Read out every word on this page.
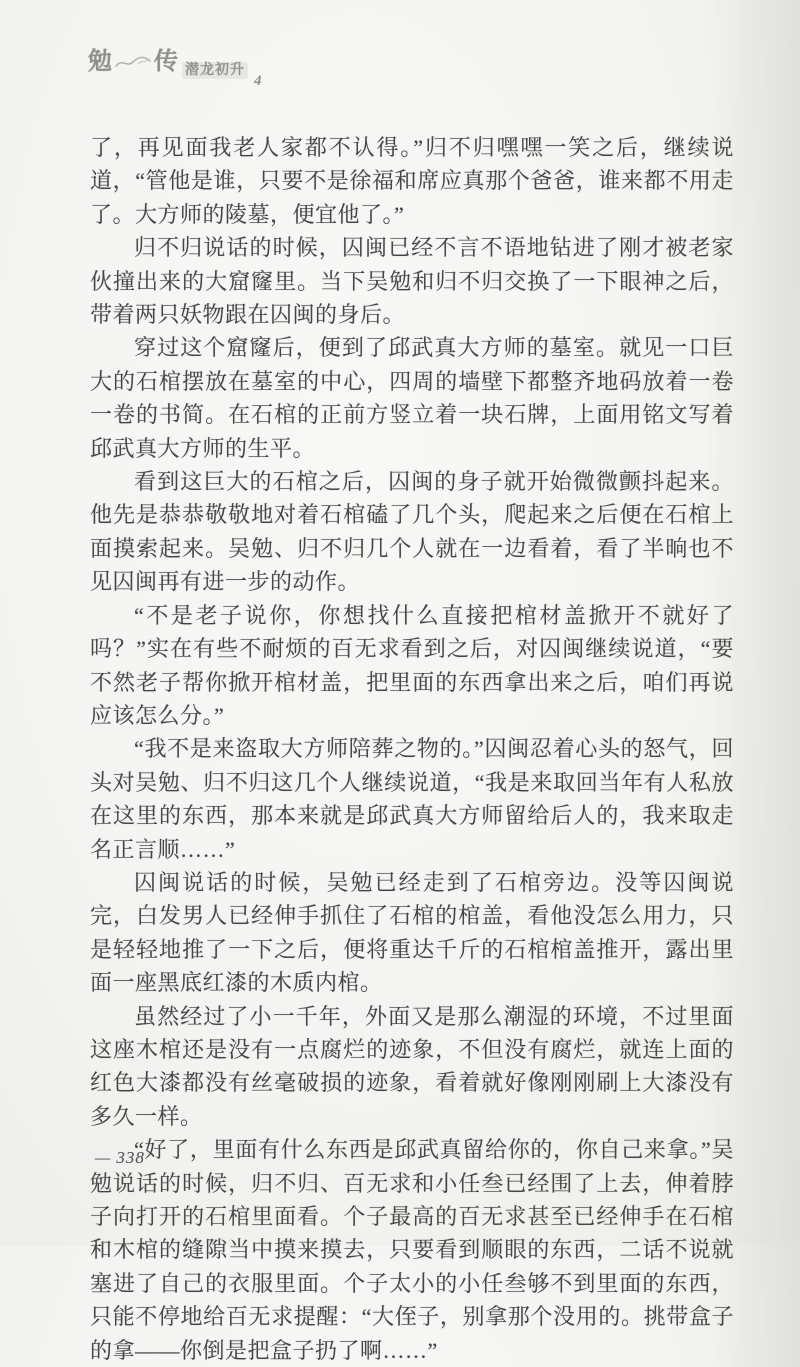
勉 传 潜龙初升
4

了，再见面我老人家都不认得。”归不归嘿嘿一笑之后，继续说道，“管他是谁，只要不是徐福和席应真那个爸爸，谁来都不用走了。大方师的陵墓，便宜他了。”

归不归说话的时候，囚闽已经不言不语地钻进了刚才被老家伙撞出来的大窟窿里。当下吴勉和归不归交换了一下眼神之后，带着两只妖物跟在囚闽的身后。

穿过这个窟窿后，便到了邱武真大方师的墓室。就见一口巨大的石棺摆放在墓室的中心，四周的墙壁下都整齐地码放着一卷一卷的书简。在石棺的正前方竖立着一块石牌，上面用铭文写着邱武真大方师的生平。

看到这巨大的石棺之后，囚闽的身子就开始微微颤抖起来。他先是恭恭敬敬地对着石棺磕了几个头，爬起来之后便在石棺上面摸索起来。吴勉、归不归几个人就在一边看着，看了半晌也不见囚闽再有进一步的动作。

“不是老子说你，你想找什么直接把棺材盖掀开不就好了吗？”实在有些不耐烦的百无求看到之后，对囚闽继续说道，“要不然老子帮你掀开棺材盖，把里面的东西拿出来之后，咱们再说应该怎么分。”

“我不是来盗取大方师陪葬之物的。”囚闽忍着心头的怒气，回头对吴勉、归不归这几个人继续说道，“我是来取回当年有人私放在这里的东西，那本来就是邱武真大方师留给后人的，我来取走名正言顺……”

囚闽说话的时候，吴勉已经走到了石棺旁边。没等囚闽说完，白发男人已经伸手抓住了石棺的棺盖，看他没怎么用力，只是轻轻地推了一下之后，便将重达千斤的石棺棺盖推开，露出里面一座黑底红漆的木质内棺。

虽然经过了小一千年，外面又是那么潮湿的环境，不过里面这座木棺还是没有一点腐烂的迹象，不但没有腐烂，就连上面的红色大漆都没有丝毫破损的迹象，看着就好像刚刚刷上大漆没有多久一样。

“好了，里面有什么东西是邱武真留给你的，你自己来拿。”吴勉说话的时候，归不归、百无求和小任叁已经围了上去，伸着脖子向打开的石棺里面看。个子最高的百无求甚至已经伸手在石棺和木棺的缝隙当中摸来摸去，只要看到顺眼的东西，二话不说就塞进了自己的衣服里面。个子太小的小任叁够不到里面的东西，只能不停地给百无求提醒：“大侄子，别拿那个没用的。挑带盒子的拿——你倒是把盒子扔了啊……”

— 338
